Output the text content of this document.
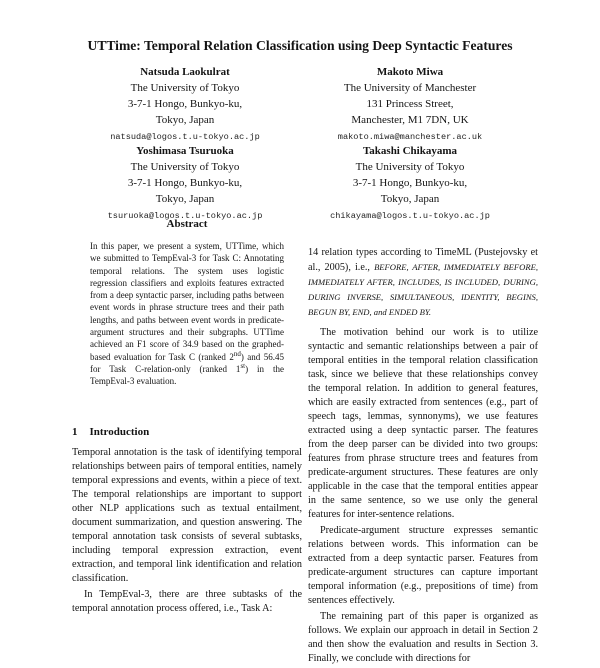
UTTime: Temporal Relation Classification using Deep Syntactic Features
Natsuda Laokulrat
The University of Tokyo
3-7-1 Hongo, Bunkyo-ku,
Tokyo, Japan
natsuda@logos.t.u-tokyo.ac.jp
Makoto Miwa
The University of Manchester
131 Princess Street,
Manchester, M1 7DN, UK
makoto.miwa@manchester.ac.uk
Yoshimasa Tsuruoka
The University of Tokyo
3-7-1 Hongo, Bunkyo-ku,
Tokyo, Japan
tsuruoka@logos.t.u-tokyo.ac.jp
Takashi Chikayama
The University of Tokyo
3-7-1 Hongo, Bunkyo-ku,
Tokyo, Japan
chikayama@logos.t.u-tokyo.ac.jp
Abstract
In this paper, we present a system, UTTime, which we submitted to TempEval-3 for Task C: Annotating temporal relations. The system uses logistic regression classifiers and exploits features extracted from a deep syntactic parser, including paths between event words in phrase structure trees and their path lengths, and paths between event words in predicate-argument structures and their subgraphs. UTTime achieved an F1 score of 34.9 based on the graphed-based evaluation for Task C (ranked 2nd) and 56.45 for Task C-relation-only (ranked 1st) in the TempEval-3 evaluation.
1 Introduction

Temporal annotation is the task of identifying temporal relationships between pairs of temporal entities, namely temporal expressions and events, within a piece of text. The temporal relationships are important to support other NLP applications such as textual entailment, document summarization, and question answering. The temporal annotation task consists of several subtasks, including temporal expression extraction, event extraction, and temporal link identification and relation classification.

In TempEval-3, there are three subtasks of the temporal annotation process offered, i.e., Task A:

14 relation types according to TimeML (Pustejovsky et al., 2005), i.e., BEFORE, AFTER, IMMEDIATELY BEFORE, IMMEDIATELY AFTER, INCLUDES, IS INCLUDED, DURING, DURING INVERSE, SIMULTANEOUS, IDENTITY, BEGINS, BEGUN BY, END, and ENDED BY.

The motivation behind our work is to utilize syntactic and semantic relationships between a pair of temporal entities in the temporal relation classification task, since we believe that these relationships convey the temporal relation. In addition to general features, which are easily extracted from sentences (e.g., part of speech tags, lemmas, synnonyms), we use features extracted using a deep syntactic parser. The features from the deep parser can be divided into two groups: features from phrase structure trees and features from predicate-argument structures. These features are only applicable in the case that the temporal entities appear in the same sentence, so we use only the general features for inter-sentence relations.

Predicate-argument structure expresses semantic relations between words. This information can be extracted from a deep syntactic parser. Features from predicate-argument structures can capture important temporal information (e.g., prepositions of time) from sentences effectively.

The remaining part of this paper is organized as follows. We explain our approach in detail in Section 2 and then show the evaluation and results in Section 3. Finally, we conclude with directions for
